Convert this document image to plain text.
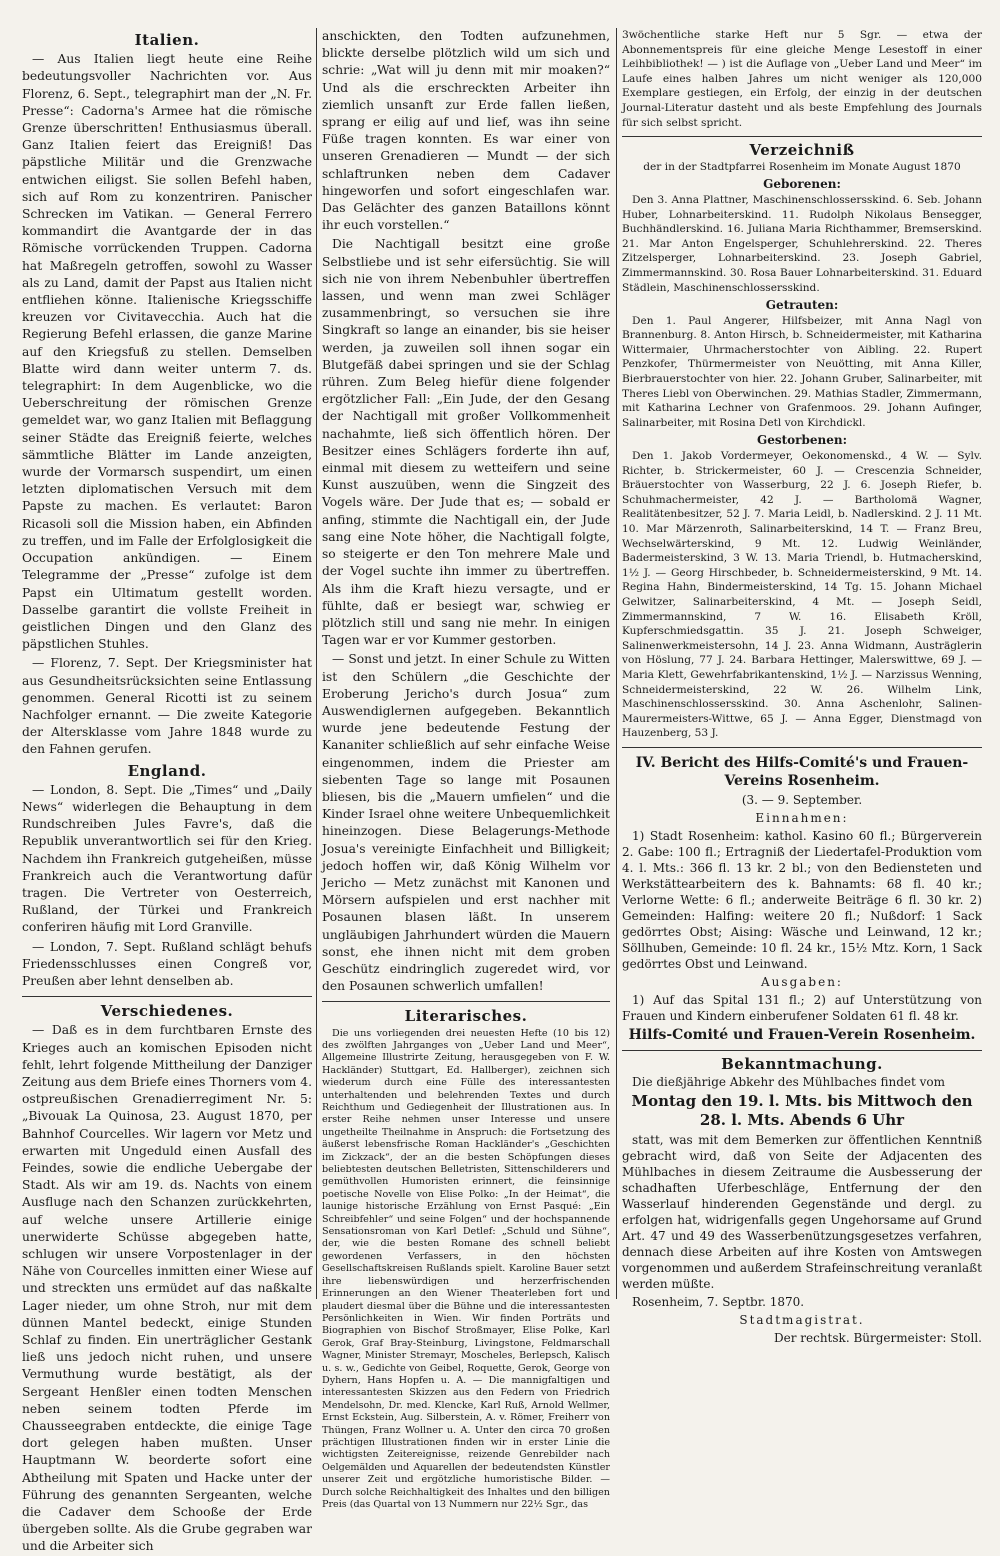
Italien.

— Aus Italien liegt heute eine Reihe bedeutungsvoller Nachrichten vor. Aus Florenz, 6. Sept., telegraphirt man der „N. Fr. Presse“: Cadorna's Armee hat die römische Grenze überschritten! Enthusiasmus überall. Ganz Italien feiert das Ereigniß! Das päpstliche Militär und die Grenzwache entwichen eiligst. Sie sollen Befehl haben, sich auf Rom zu konzentriren. Panischer Schrecken im Vatikan. — General Ferrero kommandirt die Avantgarde der in das Römische vorrückenden Truppen. Cadorna hat Maßregeln getroffen, sowohl zu Wasser als zu Land, damit der Papst aus Italien nicht entfliehen könne. Italienische Kriegsschiffe kreuzen vor Civitavecchia. Auch hat die Regierung Befehl erlassen, die ganze Marine auf den Kriegsfuß zu stellen. Demselben Blatte wird dann weiter unterm 7. ds. telegraphirt: In dem Augenblicke, wo die Ueberschreitung der römischen Grenze gemeldet war, wo ganz Italien mit Beflaggung seiner Städte das Ereigniß feierte, welches sämmtliche Blätter im Lande anzeigten, wurde der Vormarsch suspendirt, um einen letzten diplomatischen Versuch mit dem Papste zu machen. Es verlautet: Baron Ricasoli soll die Mission haben, ein Abfinden zu treffen, und im Falle der Erfolglosigkeit die Occupation ankündigen. — Einem Telegramme der „Presse“ zufolge ist dem Papst ein Ultimatum gestellt worden. Dasselbe garantirt die vollste Freiheit in geistlichen Dingen und den Glanz des päpstlichen Stuhles.

— Florenz, 7. Sept. Der Kriegsminister hat aus Gesundheitsrücksichten seine Entlassung genommen. General Ricotti ist zu seinem Nachfolger ernannt. — Die zweite Kategorie der Altersklasse vom Jahre 1848 wurde zu den Fahnen gerufen.

England.

— London, 8. Sept. Die „Times“ und „Daily News“ widerlegen die Behauptung in dem Rundschreiben Jules Favre's, daß die Republik unverantwortlich sei für den Krieg. Nachdem ihn Frankreich gutgeheißen, müsse Frankreich auch die Verantwortung dafür tragen. Die Vertreter von Oesterreich, Rußland, der Türkei und Frankreich conferiren häufig mit Lord Granville.

— London, 7. Sept. Rußland schlägt behufs Friedensschlusses einen Congreß vor, Preußen aber lehnt denselben ab.

Verschiedenes.

— Daß es in dem furchtbaren Ernste des Krieges auch an komischen Episoden nicht fehlt, lehrt folgende Mittheilung der Danziger Zeitung aus dem Briefe eines Thorners vom 4. ostpreußischen Grenadierregiment Nr. 5: „Bivouak La Quinosa, 23. August 1870, per Bahnhof Courcelles. Wir lagern vor Metz und erwarten mit Ungeduld einen Ausfall des Feindes, sowie die endliche Uebergabe der Stadt. Als wir am 19. ds. Nachts von einem Ausfluge nach den Schanzen zurückkehrten, auf welche unsere Artillerie einige unerwiderte Schüsse abgegeben hatte, schlugen wir unsere Vorpostenlager in der Nähe von Courcelles inmitten einer Wiese auf und streckten uns ermüdet auf das naßkalte Lager nieder, um ohne Stroh, nur mit dem dünnen Mantel bedeckt, einige Stunden Schlaf zu finden. Ein unerträglicher Gestank ließ uns jedoch nicht ruhen, und unsere Vermuthung wurde bestätigt, als der Sergeant Henßler einen todten Menschen neben seinem todten Pferde im Chausseegraben entdeckte, die einige Tage dort gelegen haben mußten. Unser Hauptmann W. beorderte sofort eine Abtheilung mit Spaten und Hacke unter der Führung des genannten Sergeanten, welche die Cadaver dem Schooße der Erde übergeben sollte. Als die Grube gegraben war und die Arbeiter sich

anschickten, den Todten aufzunehmen, blickte derselbe plötzlich wild um sich und schrie: „Wat will ju denn mit mir moaken?“ Und als die erschreckten Arbeiter ihn ziemlich unsanft zur Erde fallen ließen, sprang er eilig auf und lief, was ihn seine Füße tragen konnten. Es war einer von unseren Grenadieren — Mundt — der sich schlaftrunken neben dem Cadaver hingeworfen und sofort eingeschlafen war. Das Gelächter des ganzen Bataillons könnt ihr euch vorstellen.“

Die Nachtigall besitzt eine große Selbstliebe und ist sehr eifersüchtig. Sie will sich nie von ihrem Nebenbuhler übertreffen lassen, und wenn man zwei Schläger zusammenbringt, so versuchen sie ihre Singkraft so lange an einander, bis sie heiser werden, ja zuweilen soll ihnen sogar ein Blutgefäß dabei springen und sie der Schlag rühren. Zum Beleg hiefür diene folgender ergötzlicher Fall: „Ein Jude, der den Gesang der Nachtigall mit großer Vollkommenheit nachahmte, ließ sich öffentlich hören. Der Besitzer eines Schlägers forderte ihn auf, einmal mit diesem zu wetteifern und seine Kunst auszuüben, wenn die Singzeit des Vogels wäre. Der Jude that es; — sobald er anfing, stimmte die Nachtigall ein, der Jude sang eine Note höher, die Nachtigall folgte, so steigerte er den Ton mehrere Male und der Vogel suchte ihn immer zu übertreffen. Als ihm die Kraft hiezu versagte, und er fühlte, daß er besiegt war, schwieg er plötzlich still und sang nie mehr. In einigen Tagen war er vor Kummer gestorben.

— Sonst und jetzt. In einer Schule zu Witten ist den Schülern „die Geschichte der Eroberung Jericho's durch Josua“ zum Auswendiglernen aufgegeben. Bekanntlich wurde jene bedeutende Festung der Kananiter schließlich auf sehr einfache Weise eingenommen, indem die Priester am siebenten Tage so lange mit Posaunen bliesen, bis die „Mauern umfielen“ und die Kinder Israel ohne weitere Unbequemlichkeit hineinzogen. Diese Belagerungs-Methode Josua's vereinigte Einfachheit und Billigkeit; jedoch hoffen wir, daß König Wilhelm vor Jericho — Metz zunächst mit Kanonen und Mörsern aufspielen und erst nachher mit Posaunen blasen läßt. In unserem ungläubigen Jahrhundert würden die Mauern sonst, ehe ihnen nicht mit dem groben Geschütz eindringlich zugeredet wird, vor den Posaunen schwerlich umfallen!

Literarisches.

Die uns vorliegenden drei neuesten Hefte (10 bis 12) des zwölften Jahrganges von „Ueber Land und Meer“, Allgemeine Illustrirte Zeitung, herausgegeben von F. W. Hackländer) Stuttgart, Ed. Hallberger), zeichnen sich wiederum durch eine Fülle des interessantesten unterhaltenden und belehrenden Textes und durch Reichthum und Gediegenheit der Illustrationen aus. In erster Reihe nehmen unser Interesse und unsere ungetheilte Theilnahme in Anspruch: die Fortsetzung des äußerst lebensfrische Roman Hackländer's „Geschichten im Zickzack“, der an die besten Schöpfungen dieses beliebtesten deutschen Belletristen, Sittenschilderers und gemüthvollen Humoristen erinnert, die feinsinnige poetische Novelle von Elise Polko: „In der Heimat“, die launige historische Erzählung von Ernst Pasqué: „Ein Schreibfehler“ und seine Folgen“ und der hochspannende Sensationsroman von Karl Detlef: „Schuld und Sühne“, der, wie die besten Romane des schnell beliebt gewordenen Verfassers, in den höchsten Gesellschaftskreisen Rußlands spielt. Karoline Bauer setzt ihre liebenswürdigen und herzerfrischenden Erinnerungen an den Wiener Theaterleben fort und plaudert diesmal über die Bühne und die interessantesten Persönlichkeiten in Wien. Wir finden Porträts und Biographien von Bischof Stroßmayer, Elise Polke, Karl Gerok, Graf Bray-Steinburg, Livingstone, Feldmarschall Wagner, Minister Stremayr, Moscheles, Berlepsch, Kalisch u. s. w., Gedichte von Geibel, Roquette, Gerok, George von Dyhern, Hans Hopfen u. A. — Die mannigfaltigen und interessantesten Skizzen aus den Federn von Friedrich Mendelsohn, Dr. med. Klencke, Karl Ruß, Arnold Wellmer, Ernst Eckstein, Aug. Silberstein, A. v. Römer, Freiherr von Thüngen, Franz Wollner u. A. Unter den circa 70 großen prächtigen Illustrationen finden wir in erster Linie die wichtigsten Zeitereignisse, reizende Genrebilder nach Oelgemälden und Aquarellen der bedeutendsten Künstler unserer Zeit und ergötzliche humoristische Bilder. — Durch solche Reichhaltigkeit des Inhaltes und den billigen Preis (das Quartal von 13 Nummern nur 22½ Sgr., das

3wöchentliche starke Heft nur 5 Sgr. — etwa der Abonnementspreis für eine gleiche Menge Lesestoff in einer Leihbibliothek! — ) ist die Auflage von „Ueber Land und Meer“ im Laufe eines halben Jahres um nicht weniger als 120,000 Exemplare gestiegen, ein Erfolg, der einzig in der deutschen Journal-Literatur dasteht und als beste Empfehlung des Journals für sich selbst spricht.

Verzeichniß

der in der Stadtpfarrei Rosenheim im Monate August 1870

Geborenen:

Den 3. Anna Plattner, Maschinenschlossersskind. 6. Seb. Johann Huber, Lohnarbeiterskind. 11. Rudolph Nikolaus Bensegger, Buchhändlerskind. 16. Juliana Maria Richthammer, Bremserskind. 21. Mar Anton Engelsperger, Schuhlehrerskind. 22. Theres Zitzelsperger, Lohnarbeiterskind. 23. Joseph Gabriel, Zimmermannskind. 30. Rosa Bauer Lohnarbeiterskind. 31. Eduard Städlein, Maschinenschlossersskind.

Getrauten:

Den 1. Paul Angerer, Hilfsbeizer, mit Anna Nagl von Brannenburg. 8. Anton Hirsch, b. Schneidermeister, mit Katharina Wittermaier, Uhrmacherstochter von Aibling. 22. Rupert Penzkofer, Thürmermeister von Neuötting, mit Anna Killer, Bierbrauerstochter von hier. 22. Johann Gruber, Salinarbeiter, mit Theres Liebl von Oberwinchen. 29. Mathias Stadler, Zimmermann, mit Katharina Lechner von Grafenmoos. 29. Johann Aufinger, Salinarbeiter, mit Rosina Detl von Kirchdickl.

Gestorbenen:

Den 1. Jakob Vordermeyer, Oekonomenskd., 4 W. — Sylv. Richter, b. Strickermeister, 60 J. — Crescenzia Schneider, Bräuerstochter von Wasserburg, 22 J. 6. Joseph Riefer, b. Schuhmachermeister, 42 J. — Bartholomä Wagner, Realitätenbesitzer, 52 J. 7. Maria Leidl, b. Nadlerskind. 2 J. 11 Mt. 10. Mar Märzenroth, Salinarbeiterskind, 14 T. — Franz Breu, Wechselwärterskind, 9 Mt. 12. Ludwig Weinländer, Badermeisterskind, 3 W. 13. Maria Triendl, b. Hutmacherskind, 1½ J. — Georg Hirschbeder, b. Schneidermeisterskind, 9 Mt. 14. Regina Hahn, Bindermeisterskind, 14 Tg. 15. Johann Michael Gelwitzer, Salinarbeiterskind, 4 Mt. — Joseph Seidl, Zimmermannskind, 7 W. 16. Elisabeth Kröll, Kupferschmiedsgattin. 35 J. 21. Joseph Schweiger, Salinenwerkmeistersohn, 14 J. 23. Anna Widmann, Austräglerin von Höslung, 77 J. 24. Barbara Hettinger, Malerswittwe, 69 J. — Maria Klett, Gewehrfabrikantenskind, 1½ J. — Narzissus Wenning, Schneidermeisterskind, 22 W. 26. Wilhelm Link, Maschinenschlossersskind. 30. Anna Aschenlohr, Salinen-Maurermeisters-Wittwe, 65 J. — Anna Egger, Dienstmagd von Hauzenberg, 53 J.

IV. Bericht des Hilfs-Comité's und Frauen-Vereins Rosenheim.

(3. — 9. September.

Einnahmen:

1) Stadt Rosenheim: kathol. Kasino 60 fl.; Bürgerverein 2. Gabe: 100 fl.; Ertragniß der Liedertafel-Produktion vom 4. l. Mts.: 366 fl. 13 kr. 2 bl.; von den Bediensteten und Werkstättearbeitern des k. Bahnamts: 68 fl. 40 kr.; Verlorne Wette: 6 fl.; anderweite Beiträge 6 fl. 30 kr. 2) Gemeinden: Halfing: weitere 20 fl.; Nußdorf: 1 Sack gedörrtes Obst; Aising: Wäsche und Leinwand, 12 kr.; Söllhuben, Gemeinde: 10 fl. 24 kr., 15½ Mtz. Korn, 1 Sack gedörrtes Obst und Leinwand.

Ausgaben:

1) Auf das Spital 131 fl.; 2) auf Unterstützung von Frauen und Kindern einberufener Soldaten 61 fl. 48 kr.

Hilfs-Comité und Frauen-Verein Rosenheim.

Bekanntmachung.

Die dießjährige Abkehr des Mühlbaches findet vom

Montag den 19. l. Mts. bis Mittwoch den 28. l. Mts. Abends 6 Uhr

statt, was mit dem Bemerken zur öffentlichen Kenntniß gebracht wird, daß von Seite der Adjacenten des Mühlbaches in diesem Zeitraume die Ausbesserung der schadhaften Uferbeschläge, Entfernung der den Wasserlauf hinderenden Gegenstände und dergl. zu erfolgen hat, widrigenfalls gegen Ungehorsame auf Grund Art. 47 und 49 des Wasserbenützungsgesetzes verfahren, dennach diese Arbeiten auf ihre Kosten von Amtswegen vorgenommen und außerdem Strafeinschreitung veranlaßt werden müßte.

Rosenheim, 7. Septbr. 1870.

Stadtmagistrat.

Der rechtsk. Bürgermeister: Stoll.
